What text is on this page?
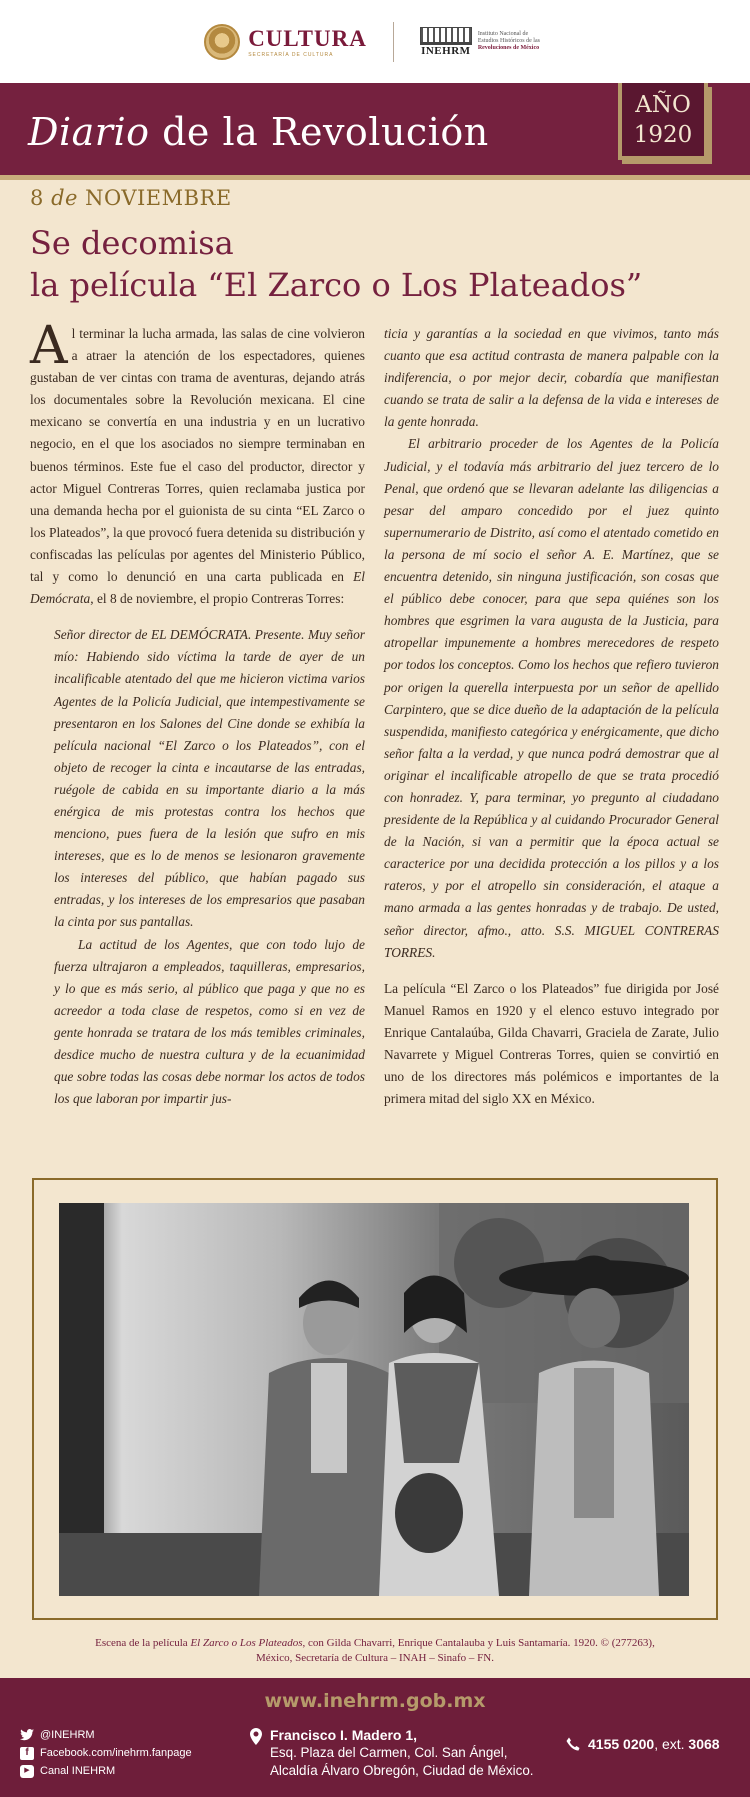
CULTURA
SECRETARÍA DE CULTURA	INEHRM
Instituto Nacional de
Estudios Históricos de las
Revoluciones de México
Diario de la Revolución
AÑO
1920
8 de NOVIEMBRE
Se decomisa
la película “El Zarco o Los Plateados”

Al terminar la lucha armada, las salas de cine volvieron a atraer la atención de los espectadores, quienes gustaban de ver cintas con trama de aventuras, dejando atrás los documentales sobre la Revolución mexicana. El cine mexicano se convertía en una industria y en un lucrativo negocio, en el que los asociados no siempre terminaban en buenos términos. Este fue el caso del productor, director y actor Miguel Contreras Torres, quien reclamaba justica por una demanda hecha por el guionista de su cinta “EL Zarco o los Plateados”, la que provocó fuera detenida su distribución y confiscadas las películas por agentes del Ministerio Público, tal y como lo denunció en una carta publicada en El Demócrata, el 8 de noviembre, el propio Contreras Torres:

Señor director de EL DEMÓCRATA. Presente. Muy señor mío: Habiendo sido víctima la tarde de ayer de un incalificable atentado del que me hicieron victima varios Agentes de la Policía Judicial, que intempestivamente se presentaron en los Salones del Cine donde se exhibía la película nacional “El Zarco o los Plateados”, con el objeto de recoger la cinta e incautarse de las entradas, ruégole de cabida en su importante diario a la más enérgica de mis protestas contra los hechos que menciono, pues fuera de la lesión que sufro en mis intereses, que es lo de menos se lesionaron gravemente los intereses del público, que habían pagado sus entradas, y los intereses de los empresarios que pasaban la cinta por sus pantallas.

La actitud de los Agentes, que con todo lujo de fuerza ultrajaron a empleados, taquilleras, empresarios, y lo que es más serio, al público que paga y que no es acreedor a toda clase de respetos, como si en vez de gente honrada se tratara de los más temibles criminales, desdice mucho de nuestra cultura y de la ecuanimidad que sobre todas las cosas debe normar los actos de todos los que laboran por impartir jus-

ticia y garantías a la sociedad en que vivimos, tanto más cuanto que esa actitud contrasta de manera palpable con la indiferencia, o por mejor decir, cobardía que manifiestan cuando se trata de salir a la defensa de la vida e intereses de la gente honrada.

El arbitrario proceder de los Agentes de la Policía Judicial, y el todavía más arbitrario del juez tercero de lo Penal, que ordenó que se llevaran adelante las diligencias a pesar del amparo concedido por el juez quinto supernumerario de Distrito, así como el atentado cometido en la persona de mí socio el señor A. E. Martínez, que se encuentra detenido, sin ninguna justificación, son cosas que el público debe conocer, para que sepa quiénes son los hombres que esgrimen la vara augusta de la Justicia, para atropellar impunemente a hombres merecedores de respeto por todos los conceptos. Como los hechos que refiero tuvieron por origen la querella interpuesta por un señor de apellido Carpintero, que se dice dueño de la adaptación de la película suspendida, manifiesto categórica y enérgicamente, que dicho señor falta a la verdad, y que nunca podrá demostrar que al originar el incalificable atropello de que se trata procedió con honradez. Y, para terminar, yo pregunto al ciudadano presidente de la República y al cuidando Procurador General de la Nación, si van a permitir que la época actual se caracterice por una decidida protección a los pillos y a los rateros, y por el atropello sin consideración, el ataque a mano armada a las gentes honradas y de trabajo. De usted, señor director, afmo., atto. S.S. MIGUEL CONTRERAS TORRES.

La película “El Zarco o los Plateados” fue dirigida por José Manuel Ramos en 1920 y el elenco estuvo integrado por Enrique Cantalaúba, Gilda Chavarri, Graciela de Zarate, Julio Navarrete y Miguel Contreras Torres, quien se convirtió en uno de los directores más polémicos e importantes de la primera mitad del siglo XX en México.

Escena de la película El Zarco o Los Plateados, con Gilda Chavarri, Enrique Cantalauba y Luis Santamaría. 1920. © (277263),
México, Secretaría de Cultura – INAH – Sinafo – FN.
www.inehrm.gob.mx
@INEHRM
f	Facebook.com/inehrm.fanpage
▶ Canal INEHRM
Francisco I. Madero 1,
Esq. Plaza del Carmen, Col. San Ángel,
Alcaldía Álvaro Obregón, Ciudad de México.
4155 0200, ext. 3068
